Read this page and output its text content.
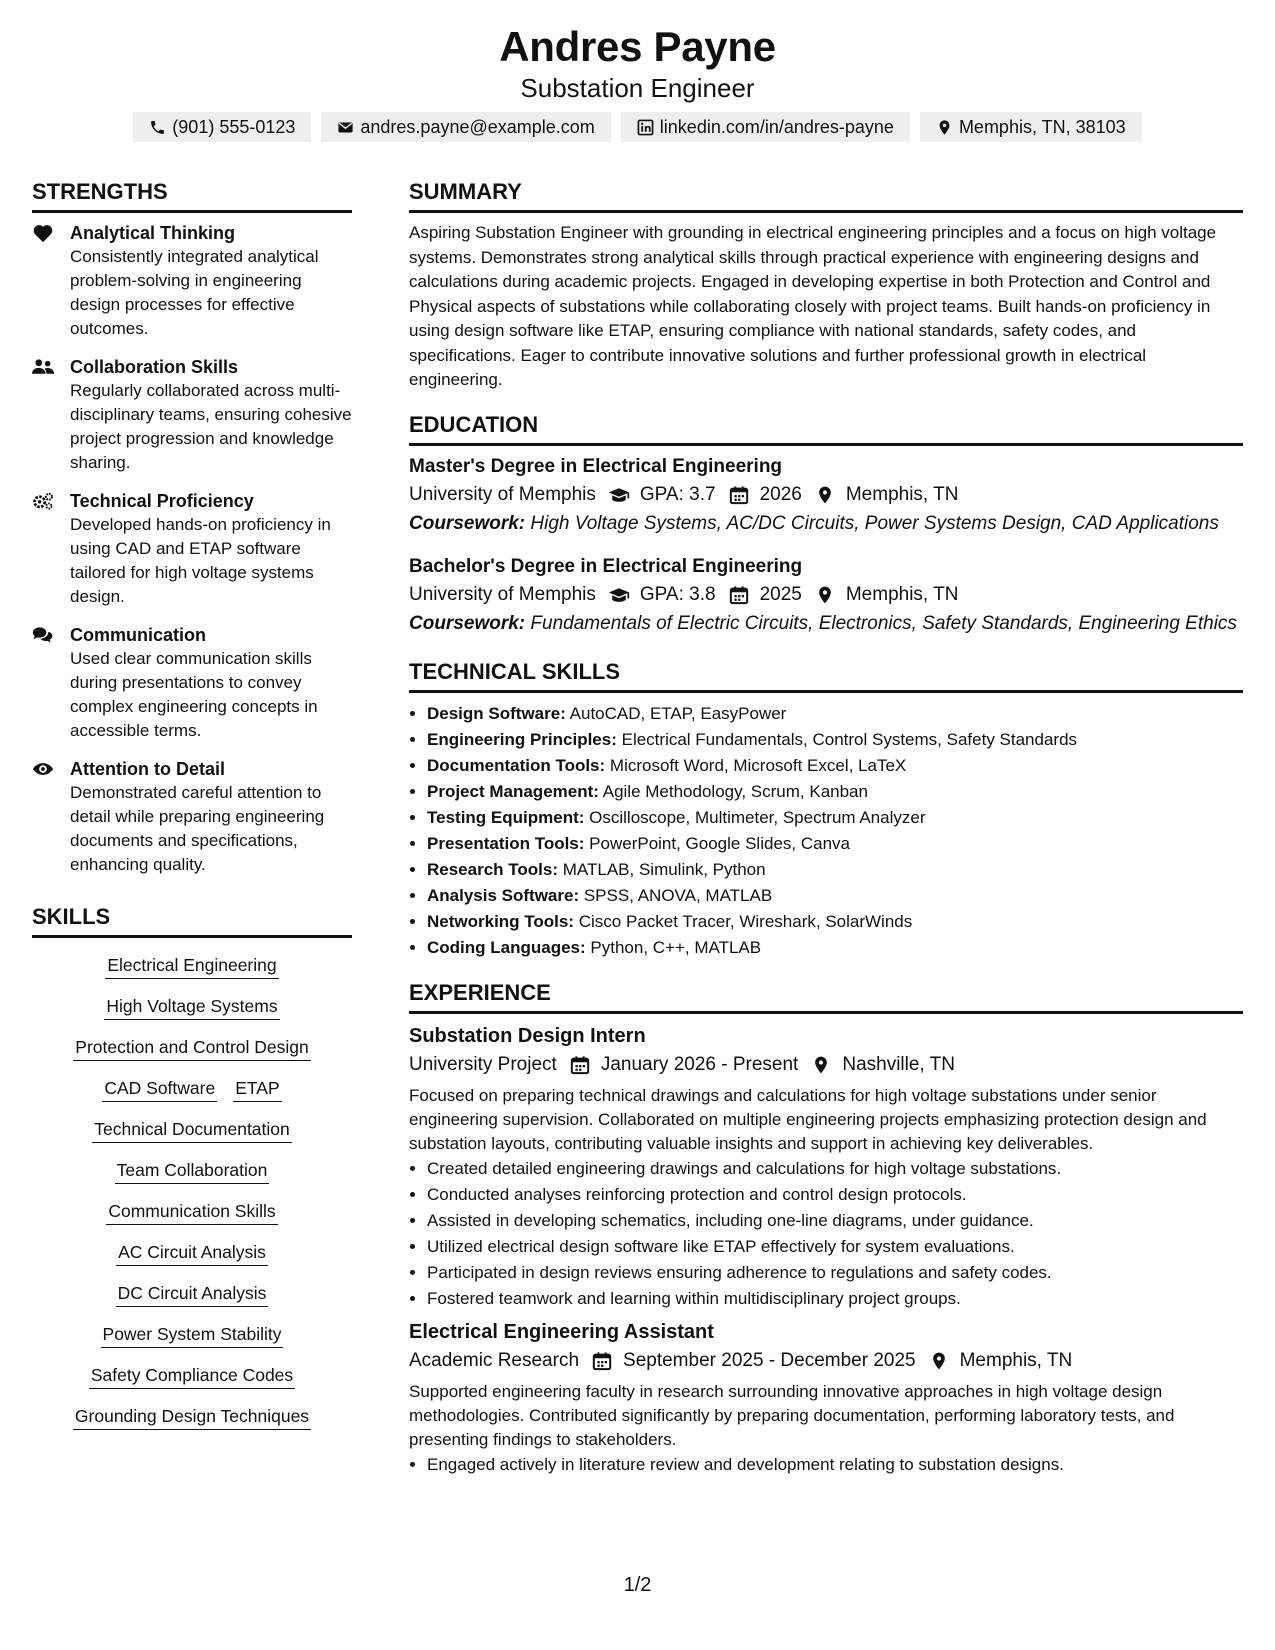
Andres Payne
Substation Engineer
(901) 555-0123	andres.payne@example.com	linkedin.com/in/andres-payne	Memphis, TN, 38103
STRENGTHS
Analytical Thinking
Consistently integrated analytical problem-solving in engineering design processes for effective outcomes.
Collaboration Skills
Regularly collaborated across multi-disciplinary teams, ensuring cohesive project progression and knowledge sharing.
Technical Proficiency
Developed hands-on proficiency in using CAD and ETAP software tailored for high voltage systems design.
Communication
Used clear communication skills during presentations to convey complex engineering concepts in accessible terms.
Attention to Detail
Demonstrated careful attention to detail while preparing engineering documents and specifications, enhancing quality.
SKILLS
Electrical Engineering
High Voltage Systems
Protection and Control Design
CAD Software ETAP
Technical Documentation
Team Collaboration
Communication Skills
AC Circuit Analysis
DC Circuit Analysis
Power System Stability
Safety Compliance Codes
Grounding Design Techniques
SUMMARY
Aspiring Substation Engineer with grounding in electrical engineering principles and a focus on high voltage systems. Demonstrates strong analytical skills through practical experience with engineering designs and calculations during academic projects. Engaged in developing expertise in both Protection and Control and Physical aspects of substations while collaborating closely with project teams. Built hands-on proficiency in using design software like ETAP, ensuring compliance with national standards, safety codes, and specifications. Eager to contribute innovative solutions and further professional growth in electrical engineering.
EDUCATION
Master's Degree in Electrical Engineering
University of Memphis GPA: 3.7 2026 Memphis, TN
Coursework: High Voltage Systems, AC/DC Circuits, Power Systems Design, CAD Applications
Bachelor's Degree in Electrical Engineering
University of Memphis GPA: 3.8 2025 Memphis, TN
Coursework: Fundamentals of Electric Circuits, Electronics, Safety Standards, Engineering Ethics
TECHNICAL SKILLS
• Design Software: AutoCAD, ETAP, EasyPower
• Engineering Principles: Electrical Fundamentals, Control Systems, Safety Standards
• Documentation Tools: Microsoft Word, Microsoft Excel, LaTeX
• Project Management: Agile Methodology, Scrum, Kanban
• Testing Equipment: Oscilloscope, Multimeter, Spectrum Analyzer
• Presentation Tools: PowerPoint, Google Slides, Canva
• Research Tools: MATLAB, Simulink, Python
• Analysis Software: SPSS, ANOVA, MATLAB
• Networking Tools: Cisco Packet Tracer, Wireshark, SolarWinds
• Coding Languages: Python, C++, MATLAB
EXPERIENCE
Substation Design Intern
University Project January 2026 - Present Nashville, TN
Focused on preparing technical drawings and calculations for high voltage substations under senior engineering supervision. Collaborated on multiple engineering projects emphasizing protection design and substation layouts, contributing valuable insights and support in achieving key deliverables.
• Created detailed engineering drawings and calculations for high voltage substations.
• Conducted analyses reinforcing protection and control design protocols.
• Assisted in developing schematics, including one-line diagrams, under guidance.
• Utilized electrical design software like ETAP effectively for system evaluations.
• Participated in design reviews ensuring adherence to regulations and safety codes.
• Fostered teamwork and learning within multidisciplinary project groups.
Electrical Engineering Assistant
Academic Research September 2025 - December 2025 Memphis, TN
Supported engineering faculty in research surrounding innovative approaches in high voltage design methodologies. Contributed significantly by preparing documentation, performing laboratory tests, and presenting findings to stakeholders.
• Engaged actively in literature review and development relating to substation designs.
1/2
